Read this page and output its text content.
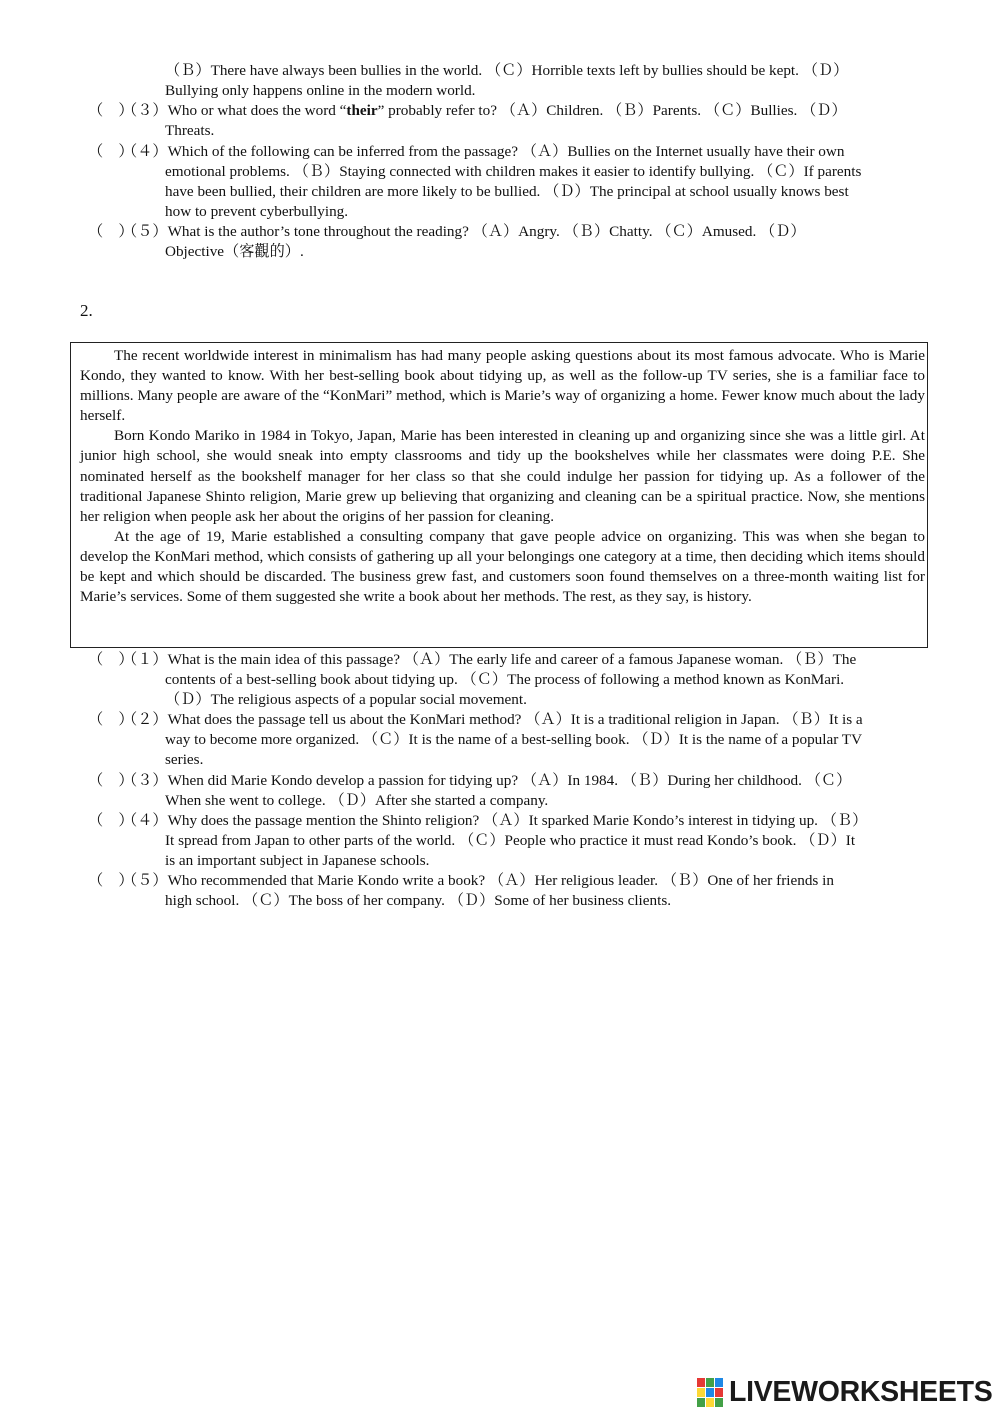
（Ｂ）There have always been bullies in the world. （Ｃ）Horrible texts left by bullies should be kept. （Ｄ）
Bullying only happens online in the modern world.
（　）（３）Who or what does the word “their” probably refer to? （Ａ）Children. （Ｂ）Parents. （Ｃ）Bullies. （Ｄ）
Threats.
（　）（４）Which of the following can be inferred from the passage? （Ａ）Bullies on the Internet usually have their own
emotional problems. （Ｂ）Staying connected with children makes it easier to identify bullying. （Ｃ）If parents
have been bullied, their children are more likely to be bullied. （Ｄ）The principal at school usually knows best
how to prevent cyberbullying.
（　）（５）What is the author’s tone throughout the reading? （Ａ）Angry. （Ｂ）Chatty. （Ｃ）Amused. （Ｄ）
Objective（客觀的）.
2.

The recent worldwide interest in minimalism has had many people asking questions about its most famous advocate. Who is Marie Kondo, they wanted to know. With her best-selling book about tidying up, as well as the follow-up TV series, she is a familiar face to millions. Many people are aware of the “KonMari” method, which is Marie’s way of organizing a home. Fewer know much about the lady herself.

Born Kondo Mariko in 1984 in Tokyo, Japan, Marie has been interested in cleaning up and organizing since she was a little girl. At junior high school, she would sneak into empty classrooms and tidy up the bookshelves while her classmates were doing P.E. She nominated herself as the bookshelf manager for her class so that she could indulge her passion for tidying up. As a follower of the traditional Japanese Shinto religion, Marie grew up believing that organizing and cleaning can be a spiritual practice. Now, she mentions her religion when people ask her about the origins of her passion for cleaning.

At the age of 19, Marie established a consulting company that gave people advice on organizing. This was when she began to develop the KonMari method, which consists of gathering up all your belongings one category at a time, then deciding which items should be kept and which should be discarded. The business grew fast, and customers soon found themselves on a three-month waiting list for Marie’s services. Some of them suggested she write a book about her methods. The rest, as they say, is history.

（　）（１）What is the main idea of this passage? （Ａ）The early life and career of a famous Japanese woman. （Ｂ）The
contents of a best-selling book about tidying up. （Ｃ）The process of following a method known as KonMari.
（Ｄ）The religious aspects of a popular social movement.
（　）（２）What does the passage tell us about the KonMari method? （Ａ）It is a traditional religion in Japan. （Ｂ）It is a
way to become more organized. （Ｃ）It is the name of a best-selling book. （Ｄ）It is the name of a popular TV
series.
（　）（３）When did Marie Kondo develop a passion for tidying up? （Ａ）In 1984. （Ｂ）During her childhood. （Ｃ）
When she went to college. （Ｄ）After she started a company.
（　）（４）Why does the passage mention the Shinto religion? （Ａ）It sparked Marie Kondo’s interest in tidying up. （Ｂ）
It spread from Japan to other parts of the world. （Ｃ）People who practice it must read Kondo’s book. （Ｄ）It
is an important subject in Japanese schools.
（　）（５）Who recommended that Marie Kondo write a book? （Ａ）Her religious leader. （Ｂ）One of her friends in
high school. （Ｃ）The boss of her company. （Ｄ）Some of her business clients.
LIVEWORKSHEETS
